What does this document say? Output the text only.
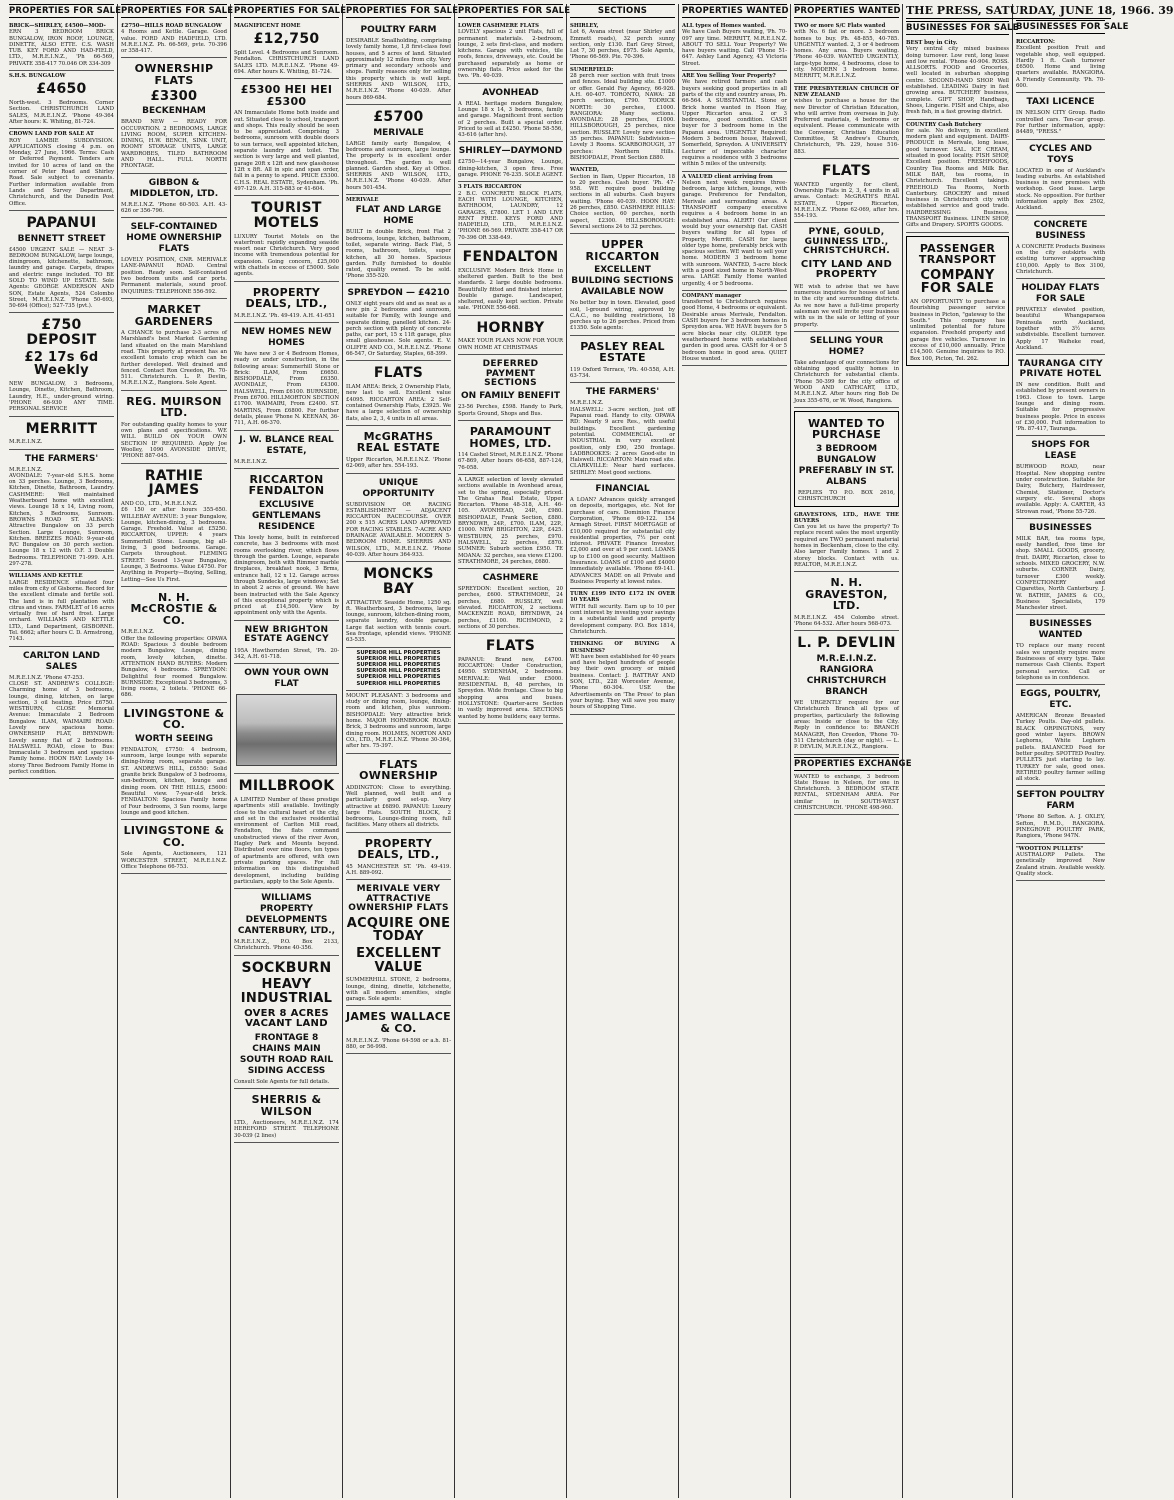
PROPERTIES FOR SALE

BRICK—SHIRLEY, £4500—MOD-

ERN 3 BEDROOM BRICK BUNGALOW, IRON ROOF, LOUNGE, DINETTE, ALSO ETTE. C.S. WASH TUB. KEY FORD AND HAD-FIELD, LTD., M.R.E.I.N.Z., 'Ph 66-569, PRIVATE 358-417 70.046 OR 334-309

S.H.S. BUNGALOW

£4650

North-west. 3 Bedrooms. Corner Section. CHRISTCHURCH LAND SALES, M.R.E.I.N.Z. 'Phone 49-364 After hours: K. Whiting, 81-724.

CROWN LAND FOR SALE AT

ROY LAMBIE SUBDIVISION. APPLICATIONS closing 4 p.m. on Monday, 27 June, 1966. Terms: Cash or Deferred Payment. Tenders are invited for 10 acres of land on the corner of Peter Road and Shirley Road. Sale subject to covenants. Further information available from Lands and Survey Department, Christchurch, and the Dunedin Post Office.

PAPANUI
BENNETT STREET

£4500 URGENT SALE — NEAT 3-BEDROOM BUNGALOW, large lounge, diningroom, kitchenette, bathroom, laundry and garage. Carpets, drapes and electric range included. TO BE SOLD TO WIND UP ESTATE. Sole Agents: GEORGE ANDERSON AND SON, Estate Agents, 524 Colombo Street, M.R.E.I.N.Z. 'Phone 50-693, 50-694 (Office); 527-735 (pvt.).

£750 DEPOSIT
£2 17s 6d Weekly

NEW BUNGALOW, 3 Bedrooms, Lounge, Dinette, Kitchen, Bathroom, Laundry, H.E., under-ground wiring. 'PHONE 66-930 ANY TIME. PERSONAL SERVICE

MERRITT

M.R.E.I.N.Z.

THE FARMERS'

M.R.E.I.N.Z.

AVONDALE: 7-year-old S.H.S. home on 33 perches. Lounge, 3 Bedrooms, Kitchen, Dinette, Bathroom, Laundry. CASHMERE: Well maintained Weatherboard home with excellent views. Lounge 18 x 14, Living room, Kitchen, 3 Bedrooms, Sunroom. BROWNS ROAD ST. ALBANS: Attractive Bungalow on 33 perch Section. Large Lounge, Sunroom, Kitchen. BREEZES ROAD: 9-year-old R/C Bungalow on 30 perch section. Lounge 18 x 12 with O.F. 3 Double Bedrooms. TELEPHONE 71-999. A.H. 297-278.

WILLIAMS AND KETTLE

LARGE RESIDENCE situated four miles from city of Gisborne. Record for the excellent climate and fertile soil. The land is in full plantation with citrus and vines. FARMLET of 16 acres virtually free of hard frost. Large orchard. WILLIAMS AND KETTLE LTD., Land Department, GISBORNE. Tel. 6662; after hours C. D. Armstrong, 7143.

CARLTON LAND SALES

M.R.E.I.N.Z. 'Phone 47-253.

CLOSE ST. ANDREW'S COLLEGE: Charming home of 3 bedrooms, lounge, dining, kitchen, on large section, 3 oil heating. Price £6750. WESTBURN, CLOSE Memorial Avenue: Immaculate 2 Bedroom Bungalow. ILAM, WAIMAIRI ROAD: Lovely new spacious home. OWNERSHIP FLAT, BRYNDWR: Lovely sunny flat of 2 bedrooms. HALSWELL ROAD, close to Bus: Immaculate 3 bedroom and spacious Family home. HOON HAY: Lovely 14-storey Three Bedroom Family Home in perfect condition.

PROPERTIES FOR SALE

£2750—HILLS ROAD BUNGALOW

4 Rooms and Kettle. Garage. Good value. FORD AND HADFIELD, LTD. M.R.E.I.N.Z. Ph. 66-569, pvte. 70-396 or 358-417.

OWNERSHIP FLATS
£3300
BECKENHAM

BRAND NEW — READY FOR OCCUPATION. 2 BEDROOMS, LARGE LIVING ROOM, SUPER KITCHEN-DINING, H.W. BENCH, SINK UNIT, ROOMY STORAGE UNITS, LARGE WARDROBES, TILED BATHROOM AND HALL. FULL NORTH FRONTAGE.

GIBBON & MIDDLETON, LTD.

M.R.E.I.N.Z. 'Phone 60-503. A.H. 43-626 or 356-796.

SELF-CONTAINED HOME OWNERSHIP FLATS

LOVELY POSITION, CNR. MERIVALE LANE-PAPANUI ROAD. Central position. Ready soon. Self-contained two bedroom units and car ports. Permanent materials, sound proof. INQUIRIES: TELEPHONE 556-592.

MARKET GARDENERS

A CHANCE to purchase 2-3 acres of Marshland's best Market Gardening land situated on the main Marshland road. This property at present has an excellent tomato crop which can be further developed. Well drained and fenced. Contact Ron Creedon, Ph. 70-511. Christchurch. L. P. Devlin, M.R.E.I.N.Z., Rangiora. Sole Agent.

REG. MUIRSON LTD.

For outstanding quality homes to your own plans and specifications. WE WILL BUILD ON YOUR OWN SECTION IF REQUIRED. Apply Joe Woolley, 1090 AVONSIDE DRIVE, 'PHONE 887-045.

RATHIE JAMES

AND CO., LTD., M.R.E.I.N.Z.

£6 150 or after hours 355-650. WILLEBAY AVENUE: 3 year Bungalow, Lounge, kitchen-dining, 3 bedrooms. Garage. Freehold. Value at £5250. RICCARTON, UPPER: 4 years Summerhill Stone. Lounge, big all-living, 3 good bedrooms. Garage. Carpets throughout. FLEMING STREET: Sound 13-year Bungalow, Lounge, 3 Bedrooms. Value £4750. For Anything in Property—Buying, Selling, Letting—See Us First.

N. H. McCROSTIE & CO.

M.R.E.I.N.Z.

Offer the following properties: OPAWA ROAD: Spacious 3 double bedroom modern Bungalow, Lounge, dining room, lovely kitchen, dinette. ATTENTION HAND BUYERS: Modern Bungalow, 4 bedrooms. SPREYDON: Delightful four roomed Bungalow. BURNSIDE: Exceptional 3 bedrooms, 3 living rooms, 2 toilets. 'PHONE 66-686.

LIVINGSTONE & CO.
WORTH SEEING

FENDALTON, £7750: 4 bedroom, sunroom, large lounge with separate dining-living room, separate garage. ST. ANDREWS HILL, £6550: Solid granite brick Bungalow of 3 bedrooms, sun-bedroom, kitchen, lounge and dining room. ON THE HILLS, £5600: Beautiful view. 7-year-old brick. FENDALTON: Spacious Family home of Four bedrooms, 3 Sun rooms, large lounge and good kitchen.

LIVINGSTONE & CO.

Sole Agents, Auctioneers, 121 WORCESTER STREET, M.R.E.I.N.Z. Office Telephone 66-753.

PROPERTIES FOR SALE

MAGNIFICENT HOME

£12,750

Split Level. 4 Bedrooms and Sunroom. Fendalton. CHRISTCHURCH LAND SALES LTD. M.R.E.I.N.Z. 'Phone 49-694. After hours K. Whiting, 81-724.

£5300 HEI HEI £5300

AN Immaculate Home both inside and out. Situated close to school, transport and shops. This really should be seen to be appreciated. Comprising 3 bedrooms, sunroom with double doors to sun terrace, well appointed kitchen, separate laundry and toilet. The section is very large and well planted, garage 20ft x 12ft and new glasshouse 12ft x 8ft. All in spic and span order, fall in a penny to spend. PRICE £5300. C.H.S. REAL ESTATE, Sydenham. 'Ph. 497-129. A.H. 315-883 or 41-604.

TOURIST MOTELS

LUXURY Tourist Motels on the waterfront: rapidly expanding seaside resort near Christchurch. Very good income with tremendous potential for expansion. Going concern, £25,000 with chattels in excess of £5000. Sole agents.

PROPERTY DEALS, LTD.,

M.R.E.I.N.Z. 'Ph. 49-419. A.H. 41-651

NEW HOMES NEW HOMES

We have new 3 or 4 Bedroom Homes, ready or under construction, in the following areas: Summerhill Stone or Brick: ILAM, From £6650. BISHOPDALE, From £6350. AVONDALE, From £4300. HALSWELL, From £6100. BURNSIDE, From £6700. HILLMORTON SECTION £1700. WAIMAIRI, From £2400. ST. MARTINS, From £6800. For further details, please 'Phone N. KEENAN, 36-711, A.H. 66-370.

J. W. BLANCE REAL ESTATE,

M.R.E.I.N.Z.

RICCARTON FENDALTON
EXCLUSIVE GENTLEMANS RESIDENCE

This lovely home, built in reinforced concrete, has 3 bedrooms with most rooms overlooking river, which flows through the garden. Lounge, separate diningroom, both with Rimmer marble fireplaces, breakfast nook, 3 Brms, entrance hall, 12 x 12. Garage across through Sundecks, large windows; Set in about 2 acres of ground. We have been instructed with the Sale Agency of this exceptional property which is priced at £14,500. View by appointment only with the Agents.

NEW BRIGHTON ESTATE AGENCY

195A Hawthornden Street, 'Ph. 20-342, A.H. 61-718.

OWN YOUR OWN FLAT
MILLBROOK

A LIMITED Number of these prestige apartments still available. Invitingly close to the cultural heart of the city, and set in the exclusive residential environment of Carlton Mill road, Fendalton, the flats command unobstructed views of the river Avon, Hagley Park and Mounts beyond. Distributed over nine floors, ten types of apartments are offered, with own private parking spaces. For full information on this distinguished development, including building particulars, apply to the Sole Agents.

WILLIAMS PROPERTY DEVELOPMENTS CANTERBURY, LTD.,

M.R.E.I.N.Z., P.O. Box 2133, Christchurch. 'Phone 40-356.

SOCKBURN
HEAVY INDUSTRIAL
OVER 8 ACRES VACANT LAND
FRONTAGE 8 CHAINS MAIN SOUTH ROAD RAIL SIDING ACCESS

Consult Sole Agents for full details.

SHERRIS & WILSON

LTD., Auctioneers, M.R.E.I.N.Z. 174 HEREFORD STREET. TELEPHONE 30-039 (2 lines)

PROPERTIES FOR SALE
POULTRY FARM

DESIRABLE Smallholding, comprising lovely family home, 1,8 first-class fowl houses, and 5 acres of land. Situated approximately 12 miles from city. Very primary and secondary schools and shops. Family reasons only for selling this property which is well kept. SHERRIS AND WILSON, LTD., M.R.E.I.N.Z. 'Phone 40-039. After hours 869-684.

£5700
MERIVALE

LARGE family early Bungalow, 4 bedrooms and sunroom, large lounge. The property is in excellent order throughout. The garden is well planned. Garden shed. Key at Office. SHERRIS AND WILSON, LTD., M.R.E.I.N.Z. 'Phone 40-039. After hours 501-454.

MERIVALE

FLAT AND LARGE HOME

BUILT in double Brick, front Flat 2 bedrooms, lounge, kitchen, bathroom, toilet, separate wiring. Back Flat, 5 rooms, bathroom, toilets, super kitchen, all 30 homes. Spacious garden. Fully furnished to double rated, quality owned. To be sold. 'Phone 355-520.

SPREYDON — £4210

ONLY eight years old and as neat as a new pin 2 bedrooms and sunroom, suitable for Family, with lounge and separate dining, panelled kitchen. 24-perch section with plenty of concrete paths, car port, 15 x 11ft garage, plus small glasshouse. Sole agents. E. V. OLIFFE AND CO., M.R.E.I.N.Z. 'Phone 66-547, Or Saturday, Staples, 68-399.

FLATS

ILAM AREA: Brick, 2 Ownership Flats, new last to sell. Excellent value £4095. RICCARTON AREA: 2 Self-contained Ownership Flats, £3925. We have a large selection of ownership flats, also 2, 3, 4 units in all areas.

McGRATHS REAL ESTATE

Upper Riccarton, M.R.E.I.N.Z. 'Phone 62-069, after hrs. 554-193.

UNIQUE OPPORTUNITY

SUBDIVISION OR RACING ESTABLISHMENT — ADJACENT RICCARTON RACECOURSE. OVER 200 x 515 ACRES LAND APPROVED FOR RACING STABLES. 7-ACRE AND DRAINAGE AVAILABLE. MODERN 5-BEDROOM HOME. SHERRIS AND WILSON, LTD., M.R.E.I.N.Z. 'Phone 40-039. After hours 364-933.

MONCKS BAY

ATTRACTIVE Seaside Home, 1250 sq. ft. Weatherboard, 3 bedrooms, large lounge, sunroom, kitchen-dining room, separate laundry, double garage. Large flat section with tennis court. Sea frontage, splendid views. 'PHONE 63-535.

SUPERIOR HILL PROPERTIES SUPERIOR HILL PROPERTIES SUPERIOR HILL PROPERTIES SUPERIOR HILL PROPERTIES SUPERIOR HILL PROPERTIES SUPERIOR HILL PROPERTIES

MOUNT PLEASANT: 3 bedrooms and study or dining room, lounge, dining-room and kitchen, plus sunroom. BISHOPDALE: Very attractive brick home. MAJOR HORNBROOK ROAD: Brick, 3 bedrooms and sunroom, large dining room. HOLMES, NORTON AND CO., LTD., M.R.E.I.N.Z. 'Phone 30-364, after hrs. 75-397.

FLATS OWNERSHIP

ADDINGTON: Close to everything. Well planned, well built and a particularly good set-up. Very attractive at £6890. PAPANUI: Luxury large Flats. SOUTH BLOCK, 2 bedrooms, Lounge-dining room, full facilities. Many others all districts.

PROPERTY DEALS, LTD.,

45 MANCHESTER ST. 'Ph. 49-419. A.H. 889-092.

MERIVALE VERY ATTRACTIVE OWNERSHIP FLATS
ACQUIRE ONE TODAY
EXCELLENT VALUE

SUMMERHILL STONE, 2 bedrooms, lounge, dining, dinette, kitchenette, with all modern amenities, single garage. Sole agents:

JAMES WALLACE & CO.

M.R.E.I.N.Z. 'Phone 64-598 or a.h. 81-880, or 56-998.

PROPERTIES FOR SALE

LOWER CASHMERE FLATS

LOVELY spacious 2 unit Flats, full of permanent materials. 2-bedroom, lounge, 2 sets first-class, and modern kitchens. Garage with vehicles, tile roofs, fences, driveways, etc. Could be purchased separately as home or ownership flats. Price asked for the two. 'Ph. 40-039.

AVONHEAD

A REAL heritage modern Bungalow, Lounge 18 x 14, 3 bedrooms, family and garage. Magnificent front section of 2 perches. Built a special order. Priced to sell at £4250. 'Phone 58-556, 43-616 (after hrs).

SHIRLEY—DAYMOND

£2750—14-year Bungalow, Lounge, dining-kitchen, 3 open fires. Free garage. PHONE 76-235. SOLE AGENT.

3 FLATS RICCARTON

2 B.C. CONCRETE BLOCK FLATS, EACH WITH LOUNGE, KITCHEN, BATHROOM, LAUNDRY, 12 GARAGES, £7800. LET 1 AND LIVE RENT FREE. KEYS FORD AND HADFIELD, LTD., M.R.E.I.N.Z. 'PHONE 66-569. PRIVATE 358-417 OR 70-396 OR 338-649.

FENDALTON

EXCLUSIVE Modern Brick Home in sheltered garden. Built to the best standards. 2 large double bedrooms. Beautifully fitted and finished interior. Double garage. Landscaped, sheltered, easily kept section. Private sale. 'PHONE 556-668.

HORNBY

MAKE YOUR PLANS NOW FOR YOUR OWN HOME AT CHRISTMAS

DEFERRED PAYMENT SECTIONS
ON FAMILY BENEFIT

23-56 Perches, £598. Handy to Park, Sports Ground, Shops and Bus.

PARAMOUNT HOMES, LTD.

114 Cashel Street, M.R.E.I.N.Z. 'Phone 67-869, After hours 66-658, 887-124, 76-058.

A LARGE selection of lovely elevated sections available in Avonhead areas, set to the spring, especially priced. The Grahas Real Estate, Upper Riccarton. 'Phone 48-318, A.H. 46-105. AVONHEAD, 24P., £980. BISHOPDALE, Frank Section, £880. BRYNDWR, 24P., £700. ILAM, 22P., £1000. NEW BRIGHTON, 22P., £425. WESTBURN, 25 perches, £970. HALSWELL, 22 perches, £870. SUMNER: Suburb section £950. TE MOANA: 32 perches, sea views £1200. STRATHMORE, 24 perches, £680.

CASHMERE

SPREYDON: Excellent section, 20 perches, £600. STRATHMORE, 24 perches, £680. RUSSLEY, well elevated. RICCARTON, 2 sections. MACKENZIE ROAD, BRYNDWR, 24 perches, £1100. RICHMOND, 2 sections of 30 perches.

FLATS

PAPANUI: Brand new, £4700. RICCARTON: Under Construction, £4950. SYDENHAM, 2 bedrooms. MERIVALE: Well under £5000. RESIDENTIAL B, 48 perches, in Spreydon. Wide frontage. Close to big shopping area and buses. HOLLYSTONE: Quarter-acre Section in vastly improved area. SECTIONS wanted by home builders; easy terms.

SECTIONS

SHIRLEY,

Lot 6, Avana street (near Shirley and Emmett roads), 32 perch sunny section, only £130. Earl Grey Street, Lot 7, 30 perches, £975. Sole Agents, 'Phone 66-569. Pte. 70-396.

SUMERFIELD:

28 perch reer section with fruit trees and fences. Ideal building site. £1000 or offer. Gerald Fay Agency, 66-926. A.H. 60-407. TORONTO, NAWA: 28 perch section, £790. TODRICK NORTH: 30 perches, £1000. RANGIORA: Many sections. AVONDALE: 28 perches, £1000. HILLSBOROUGH, 25 perches, nice section. RUSSLEY: Lovely new section 35 perches. PAPANUI: Subdivision—Lovely 3 Rooms. SCARBOROUGH, 37 perches: Northern Hills. BISHOPDALE, Front Section £880.

WANTED,

Section in Ilam, Upper Riccarton, 18 to 20 perches. Cash buyer. 'Ph. 47-958. WE require good building sections in all suburbs. Cash buyers waiting. 'Phone 40-039. HOON HAY: 26 perches, £850. CASHMERE HILLS: Choice section, 60 perches, north aspect, £2300. HILLSBOROUGH: Several sections 24 to 32 perches.

UPPER RICCARTON
EXCELLENT BUILDING SECTIONS AVAILABLE NOW

No better buy in town. Elevated, good soil, l-ground wiring, approved by C.A.C., no building restrictions, 18 perches up to 26 perches. Priced from £1350. Sole agents:

PASLEY REAL ESTATE

119 Oxford Terrace, 'Ph. 40-558, A.H. 63-734.

THE FARMERS'

M.R.E.I.N.Z.

HALSWELL: 3-acre section, just off Papanui road. Handy to city. OPAWA RD: Nearly 9 acre Res., with useful buildings. Excellent gardening potential. COMMERCIAL or INDUSTRIAL in very excellent position, only £90, 250 frontage. LADBROOKES: 2 acres Good-site in Halswell. RICCARTON: Main road site. CLARKVILLE: Near hard surfaces. SHIRLEY: Most good sections.

FINANCIAL

A LOAN? Advances quickly arranged on deposits, mortgages, etc. Not for purchase of cars. Dominion Finance Corporation, 'Phone 69-122. 154 Armagh Street. FIRST MORTGAGE of £10,000 required for substantial city residential properties, 7½ per cent interest. PRIVATE Finance Investor, £2,000 and over at 9 per cent. LOANS up to £100 on good security. Mattison Insurance. LOANS of £100 and £4000 immediately available. 'Phone 69-141. ADVANCES MADE on all Private and Business Property at lowest rates.

TURN £199 INTO £172 IN OVER 10 YEARS

WITH full security. Earn up to 10 per cent interest by investing your savings in a substantial land and property development company. P.O. Box 1814, Christchurch.

THINKING OF BUYING A BUSINESS?

WE have been established for 40 years and have helped hundreds of people buy their own grocery or mixed business. Contact: J. RATTRAY AND SON, LTD., 228 Worcester Avenue, 'Phone 60-304. USE the Advertisements on 'The Press' to plan your buying. They will save you many hours of Shopping Time.

PROPERTIES WANTED

ALL types of Homes wanted.

We have Cash Buyers waiting, 'Ph. 70-097 any time. MERRITT, M.R.E.I.N.Z. ABOUT TO SELL Your Property? We have buyers waiting. Call 'Phone 51-647. Ashley Land Agency, 43 Victoria Street.

ARE You Selling Your Property?

We have retired farmers and cash buyers seeking good properties in all parts of the city and country areas, Ph. 66-564. A SUBSTANTIAL Stone or Brick home wanted in Hoon Hay, Upper Riccarton area. 2 or 3 bedrooms, good condition. CASH buyer for 3 bedroom home in the Papanui area. URGENTLY Required: Modern 3 bedroom house, Halswell, Somerfield, Spreydon. A UNIVERSITY Lecturer of impeccable character requires a residence with 3 bedrooms within 5 miles of the university.

A VALUED client arriving from

Nelson next week requires three-bedroom, large kitchen, lounge, with garage. Preference for Fendalton, Merivale and surrounding areas. A TRANSPORT company executive requires a 4 bedroom home in an established area. ALERT! Our client would buy your ownership flat. CASH buyers waiting for all types of Property, Merritt. CASH for large older type home, preferably brick with spacious section. WE want to sell your home. MODERN 3 bedroom home with sunroom. WANTED, 5-acre block with a good sized home in North-West area. LARGE Family Home wanted urgently, 4 or 5 bedrooms.

COMPANY manager

transferred to Christchurch requires good Home, 4 bedrooms or equivalent. Desirable areas Merivale, Fendalton. CASH buyers for 3 bedroom homes in Spreydon area. WE HAVE buyers for 5 acre blocks near city. OLDER type weatherboard home with established garden in good area. CASH for 4 or 5 bedroom home in good area. QUIET House wanted.

PROPERTIES WANTED

TWO or more S/C Flats wanted

with No. 6 flat or more. 3 bedroom homes to buy. Ph. 48-855, 40-785. URGENTLY wanted. 2, 3 or 4 bedroom homes. Any area. Buyers waiting. 'Phone 40-039. WANTED URGENTLY, large-type home, 4 bedrooms, close to city. MODERN 3 bedroom home. MERRITT, M.R.E.I.N.Z.

THE PRESBYTERIAN CHURCH OF NEW ZEALAND

wishes to purchase a house for the new Director of Christian Education, who will arrive from overseas in July. Preferred materials, 4 bedrooms or equivalent. Please communicate with the Convener, Christian Education Committee, St Andrew's Church, Christchurch, 'Ph. 229, house 516-883.

FLATS

WANTED urgently for client, Ownership Flats in 2, 3, 4 units in all areas. Contact: McGRATH'S REAL ESTATE, Upper Riccarton, M.R.E.I.N.Z. 'Phone 62-069, after hrs. 554-193.

PYNE, GOULD, GUINNESS LTD., CHRISTCHURCH.
CITY LAND AND PROPERTY

WE wish to advise that we have numerous inquiries for houses of land in the city and surrounding districts. As we now have a full-time property salesman we well invite your business with us in the sale or letting of your property.

SELLING YOUR HOME?

Take advantage of our connections for obtaining good quality homes in Christchurch for substantial clients. 'Phone 50-399 for the city office of WOOD AND CATHCART, LTD., M.R.E.I.N.Z. After hours ring Bob De Joux 355-676, or W. Wood, Rangiora.

WANTED TO PURCHASE
3 BEDROOM BUNGALOW PREFERABLY IN ST. ALBANS

REPLIES TO P.O. BOX 2616, CHRISTCHURCH

GRAVESTONS, LTD., HAVE THE BUYERS

Can you let us have the property? To replace recent sales the most urgently required are TWO permanent material homes in Beckenham, close to the city. Also larger Family homes. 1 and 2 storey blocks. Contact with us. REALTOR, M.R.E.I.N.Z.

N. H. GRAVESTON, LTD.

M.R.E.I.N.Z. 454 Colombo street. 'Phone 64-532. After hours 568-073.

L. P. DEVLIN
M.R.E.I.N.Z. RANGIORA CHRISTCHURCH BRANCH

WE URGENTLY require for our Christchurch Branch all types of properties, particularly the following areas: Inside or close to the City. Reply in confidence to: BRANCH MANAGER, Ron Creedon, 'Phone 70-511 Christchurch (day or night). — L. P. DEVLIN, M.R.E.I.N.Z., Rangiora.

PROPERTIES EXCHANGE

WANTED to exchange, 3 bedroom State House in Nelson, for one in Christchurch. 3 BEDROOM STATE RENTAL, SYDENHAM AREA. For similar in SOUTH-WEST CHRISTCHURCH. 'PHONE 498-960.

THE PRESS, SATURDAY, JUNE 18, 1966. 39
BUSINESSES FOR SALE

BEST buy in City.

Very central city mixed business doing turnover. Low rent, long lease and low rental. 'Phone 40-904. ROSS. ALLSORTS. FOOD and Groceries, well located in suburban shopping centre. SECOND-HAND SHOP. Well established. LEADING Dairy in fast growing area. BUTCHERY business, complete. GIFT SHOP, Handbags, Shoes, Lingerie. FISH and Chips, also fresh fish, in a fast growing district.

COUNTRY Cash Butchery

for sale. No delivery, in excellent modern plant and equipment. DAIRY-PRODUCE in Merivale, long lease, good turnover. SAL. ICE CREAM, situated in good locality. FISH SHOP, Excellent position. FRESHFOODS, Country Tea Rooms and Milk Bar. MILK BAR, tea rooms, in Christchurch. Excellent takings. FREEHOLD Tea Rooms, North Canterbury. GROCERY and mixed business in Christchurch city with established service and good trade. HAIRDRESSING Business, TRANSPORT Business. LINEN SHOP, Gifts and Drapery. SPORTS GOODS.

PASSENGER TRANSPORT
COMPANY FOR SALE

AN OPPORTUNITY to purchase a flourishing passenger service business in Picton, "gateway to the South." This company has unlimited potential for future expansion. Freehold property and garage five vehicles. Turnover in excess of £10,000 annually. Price £14,500. Genuine inquiries to P.O. Box 100, Picton, Tel. 262.

BUSINESSES FOR SALE

RICCARTON:

Excellent position Fruit and vegetable shop, well equipped. Hardly 1 ft. Cash turnover £6500. Home and living quarters available. RANGIORA. A Friendly Community. 'Ph. 70-600.

TAXI LICENCE

IN NELSON CITY Group. Radio controlled cars. Ten-car group. For further information, apply: 84489, "PRESS."

CYCLES AND TOYS

LOCATED in one of Auckland's leading suburbs. An established business in new premises with workshop. Good lease. Large stock. No opposition. For further information apply Box 2502, Auckland.

CONCRETE BUSINESS

A CONCRETE Products Business on the city outskirts with existing turnover approaching £10,000. Apply to Box 3100, Christchurch.

HOLIDAY FLATS FOR SALE

PRIVATELY elevated position, beautiful Whangaparaoa Peninsula north Auckland, together with 3½ acres subdivisible. Excellent turnover. Apply 17 Waiheke road, Auckland.

TAURANGA CITY PRIVATE HOTEL

IN new condition. Built and established by present owners in 1963. Close to town. Large lounge and dining room. Suitable for progressive business people. Price in excess of £30,000. Full information to 'Ph. 87-417, Tauranga.

SHOPS FOR LEASE

BURWOOD ROAD, near Hospital. New shopping centre under construction. Suitable for Dairy, Butchery, Hairdresser, Chemist, Stationer, Doctor's surgery etc. Several shops available. Apply: A. CARTER, 43 Strowan road, 'Phone 55-726.

BUSINESSES

MILK BAR, tea rooms type, easily handled, free time for shop. SMALL GOODS, grocery, fruit. DAIRY, Riccarton, close to schools. MIXED GROCERY, N.W. suburbs. CORNER Dairy, turnover £300 weekly. CONFECTIONERY and Cigarettes, North Canterbury. J. W. BATHIE, JAMES & CO., Business Specialists, 179 Manchester street.

BUSINESSES WANTED

TO replace our many recent sales we urgently require more Businesses of every type. Take numerous Cash Clients. Expert personal service. Call or telephone us in confidence.

EGGS, POULTRY, ETC.

AMERICAN Bronze Breasted Turkey Poults. Day-old pullets. BLACK ORPINGTONS, very good winter layers. BROWN Leghorns, White Leghorn pullets. BALANCED Feed for better poultry. SPOTTED Poultry. PULLETS just starting to lay. TURKEY for sale, good ones. RETIRED poultry farmer selling all stock.

SEFTON POULTRY FARM

'Phone 80 Sefton. A. J. OXLEY, Sefton, R.M.D., RANGIORA. PINEGROVE POULTRY PARK, Rangiora, 'Phone 947N.

"WOOTTON PULLETS"

AUSTRALORP Pullets. The genetically improved New Zealand strain. Available weekly. Quality stock.
